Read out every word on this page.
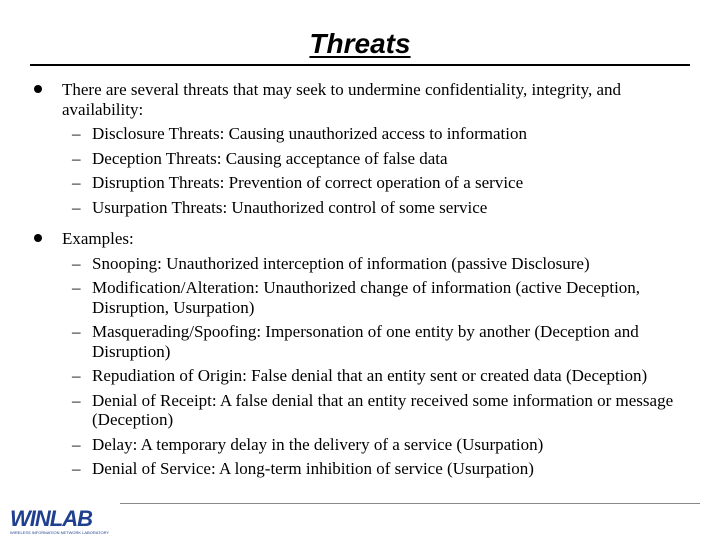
Threats
There are several threats that may seek to undermine confidentiality, integrity, and availability:
– Disclosure Threats: Causing unauthorized access to information
– Deception Threats: Causing acceptance of false data
– Disruption Threats: Prevention of correct operation of a service
– Usurpation Threats: Unauthorized control of some service
Examples:
– Snooping: Unauthorized interception of information (passive Disclosure)
– Modification/Alteration: Unauthorized change of information (active Deception, Disruption, Usurpation)
– Masquerading/Spoofing: Impersonation of one entity by another (Deception and Disruption)
– Repudiation of Origin: False denial that an entity sent or created data (Deception)
– Denial of Receipt: A false denial that an entity received some information or message (Deception)
– Delay: A temporary delay in the delivery of a service (Usurpation)
– Denial of Service: A long-term inhibition of service (Usurpation)
WINLAB
WIRELESS INFORMATION NETWORK LABORATORY
